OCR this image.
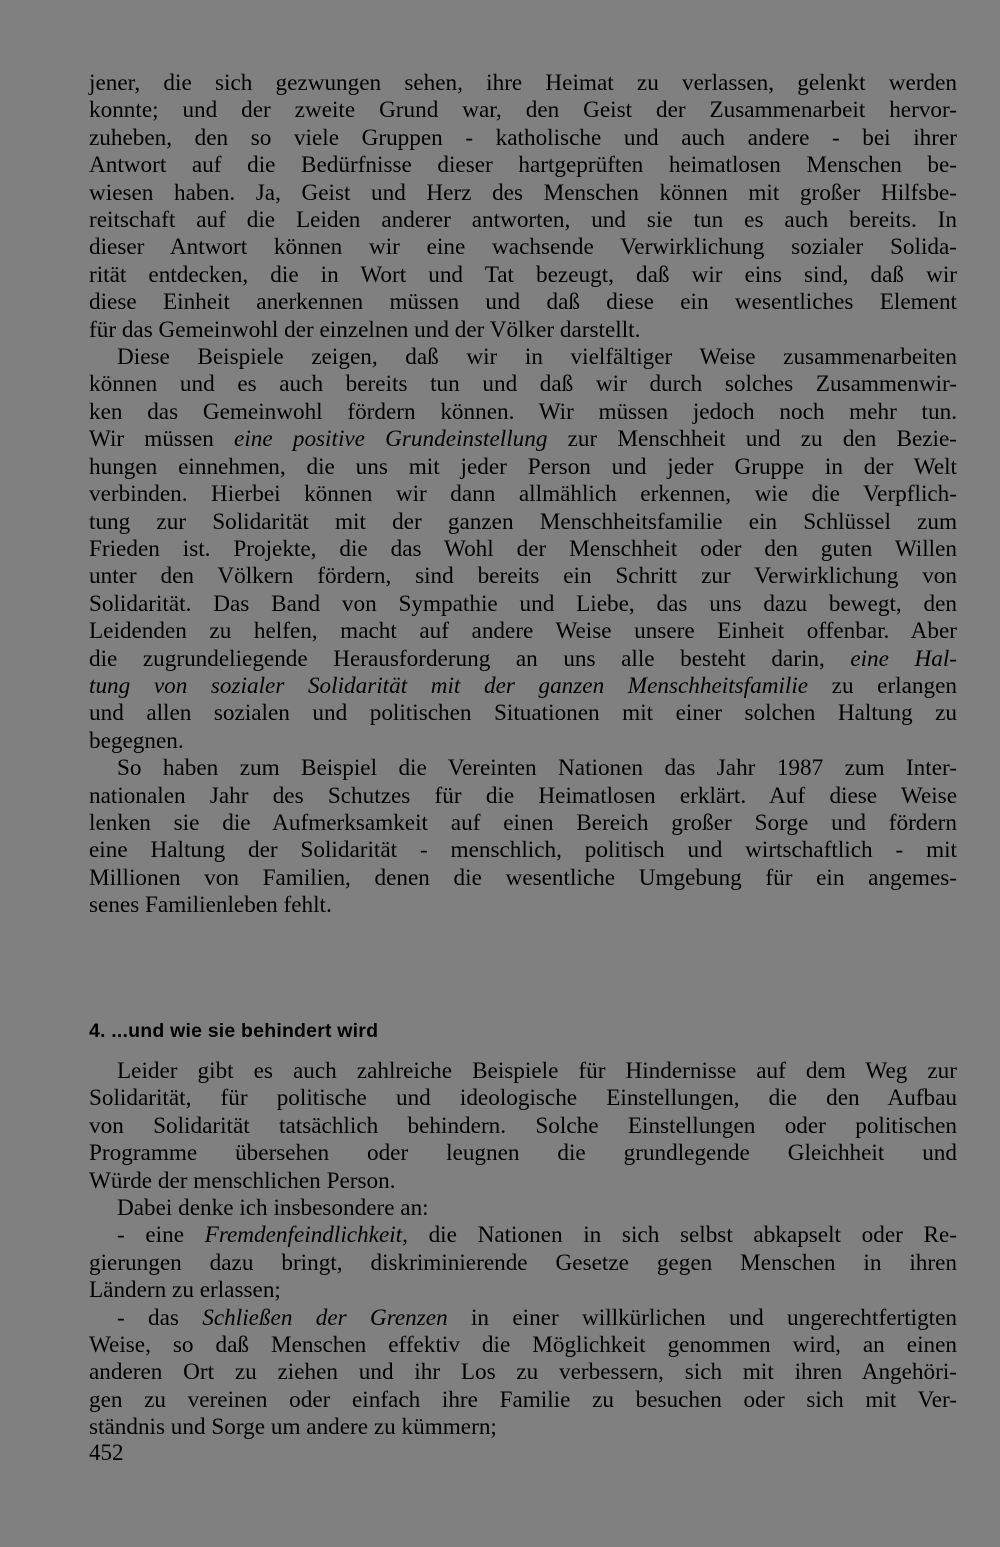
jener, die sich gezwungen sehen, ihre Heimat zu verlassen, gelenkt werden
konnte; und der zweite Grund war, den Geist der Zusammenarbeit hervor-
zuheben, den so viele Gruppen - katholische und auch andere - bei ihrer
Antwort auf die Bedürfnisse dieser hartgeprüften heimatlosen Menschen be-
wiesen haben. Ja, Geist und Herz des Menschen können mit großer Hilfsbe-
reitschaft auf die Leiden anderer antworten, und sie tun es auch bereits. In
dieser Antwort können wir eine wachsende Verwirklichung sozialer Solida-
rität entdecken, die in Wort und Tat bezeugt, daß wir eins sind, daß wir
diese Einheit anerkennen müssen und daß diese ein wesentliches Element
für das Gemeinwohl der einzelnen und der Völker darstellt.
Diese Beispiele zeigen, daß wir in vielfältiger Weise zusammenarbeiten
können und es auch bereits tun und daß wir durch solches Zusammenwir-
ken das Gemeinwohl fördern können. Wir müssen jedoch noch mehr tun.
Wir müssen eine positive Grundeinstellung zur Menschheit und zu den Bezie-
hungen einnehmen, die uns mit jeder Person und jeder Gruppe in der Welt
verbinden. Hierbei können wir dann allmählich erkennen, wie die Verpflich-
tung zur Solidarität mit der ganzen Menschheitsfamilie ein Schlüssel zum
Frieden ist. Projekte, die das Wohl der Menschheit oder den guten Willen
unter den Völkern fördern, sind bereits ein Schritt zur Verwirklichung von
Solidarität. Das Band von Sympathie und Liebe, das uns dazu bewegt, den
Leidenden zu helfen, macht auf andere Weise unsere Einheit offenbar. Aber
die zugrundeliegende Herausforderung an uns alle besteht darin, eine Hal-
tung von sozialer Solidarität mit der ganzen Menschheitsfamilie zu erlangen
und allen sozialen und politischen Situationen mit einer solchen Haltung zu
begegnen.
So haben zum Beispiel die Vereinten Nationen das Jahr 1987 zum Inter-
nationalen Jahr des Schutzes für die Heimatlosen erklärt. Auf diese Weise
lenken sie die Aufmerksamkeit auf einen Bereich großer Sorge und fördern
eine Haltung der Solidarität - menschlich, politisch und wirtschaftlich - mit
Millionen von Familien, denen die wesentliche Umgebung für ein angemes-
senes Familienleben fehlt.
4. ...und wie sie behindert wird
Leider gibt es auch zahlreiche Beispiele für Hindernisse auf dem Weg zur
Solidarität, für politische und ideologische Einstellungen, die den Aufbau
von Solidarität tatsächlich behindern. Solche Einstellungen oder politischen
Programme übersehen oder leugnen die grundlegende Gleichheit und
Würde der menschlichen Person.
Dabei denke ich insbesondere an:
- eine Fremdenfeindlichkeit, die Nationen in sich selbst abkapselt oder Re-
gierungen dazu bringt, diskriminierende Gesetze gegen Menschen in ihren
Ländern zu erlassen;
- das Schließen der Grenzen in einer willkürlichen und ungerechtfertigten
Weise, so daß Menschen effektiv die Möglichkeit genommen wird, an einen
anderen Ort zu ziehen und ihr Los zu verbessern, sich mit ihren Angehöri-
gen zu vereinen oder einfach ihre Familie zu besuchen oder sich mit Ver-
ständnis und Sorge um andere zu kümmern;
452
